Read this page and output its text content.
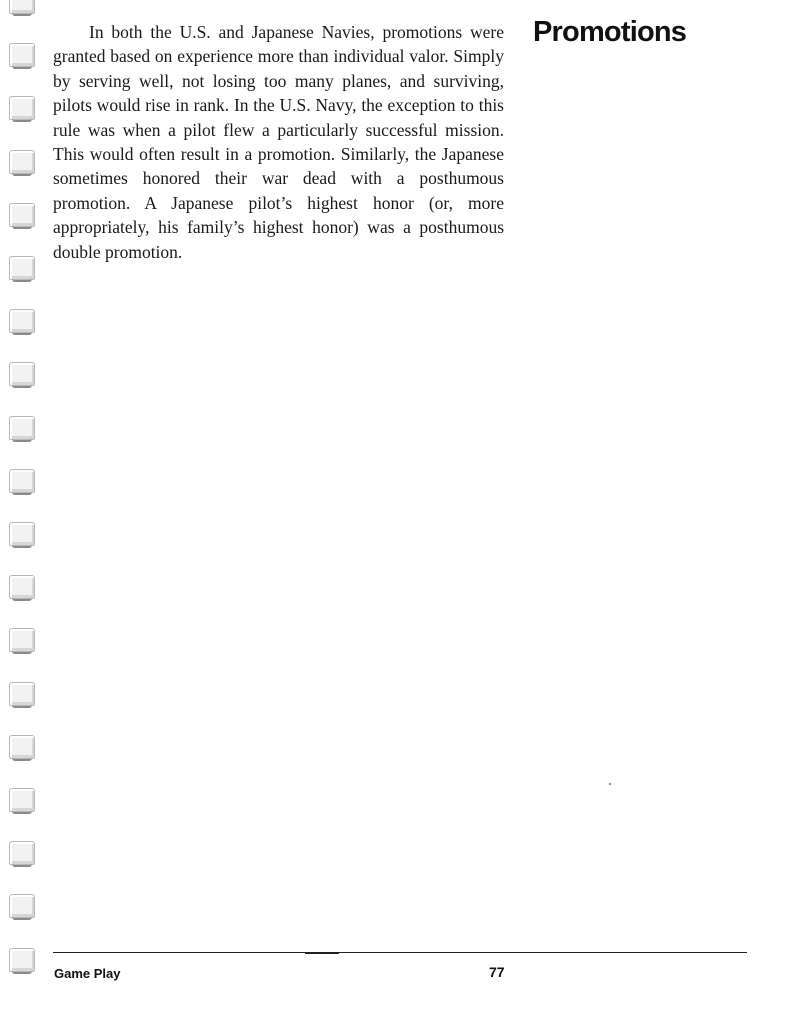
In both the U.S. and Japanese Navies, promotions were granted based on experience more than individual valor. Simply by serving well, not losing too many planes, and surviving, pilots would rise in rank. In the U.S. Navy, the exception to this rule was when a pilot flew a particularly successful mission. This would often result in a promotion. Similarly, the Japanese sometimes honored their war dead with a posthumous promotion. A Japanese pilot’s highest honor (or, more appropriately, his family’s highest honor) was a posthumous double promotion.

Promotions
Game Play	77
